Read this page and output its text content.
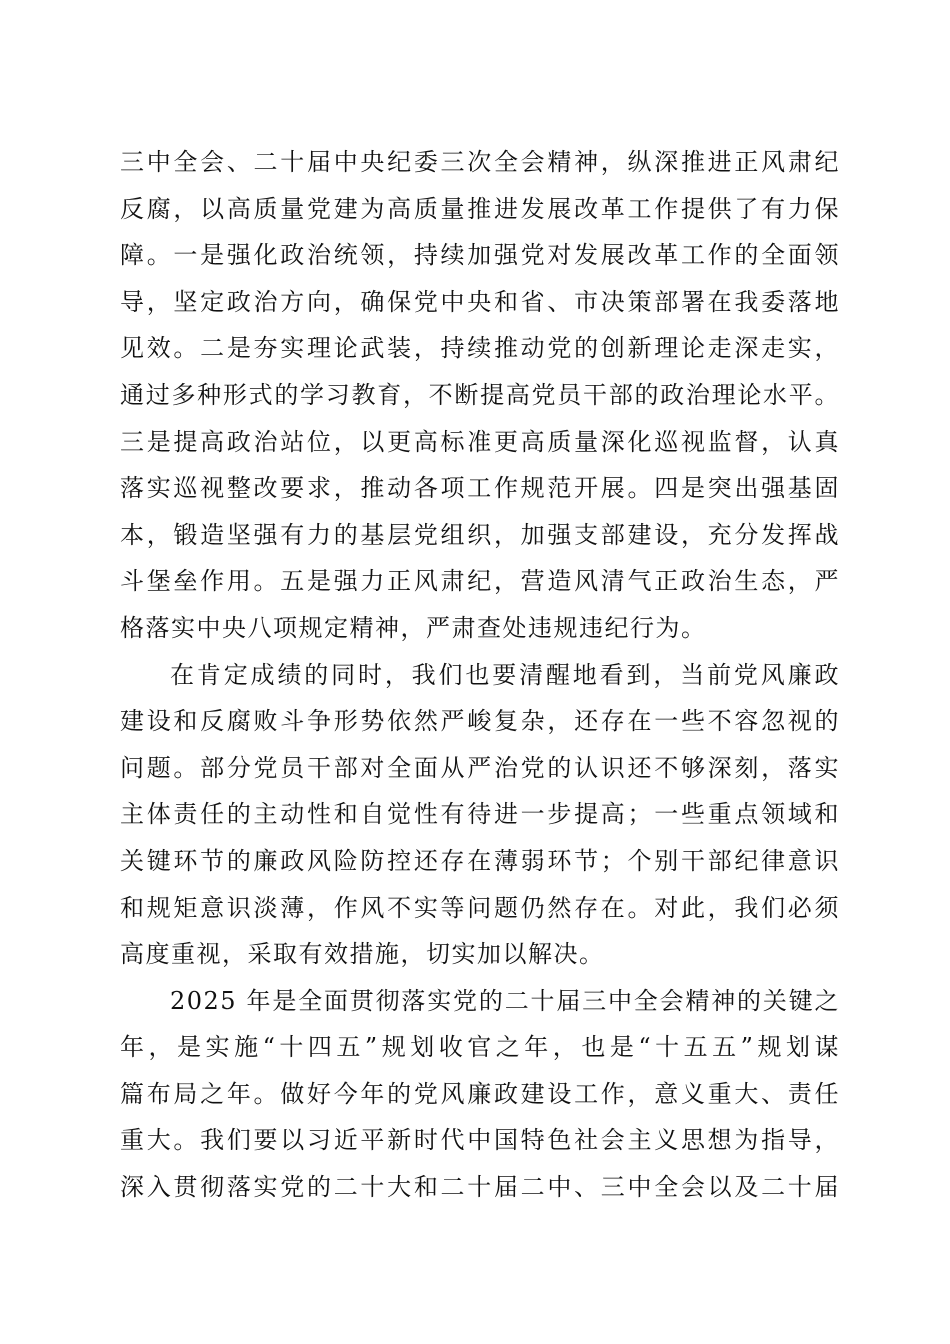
三中全会、二十届中央纪委三次全会精神，纵深推进正风肃纪
反腐，以高质量党建为高质量推进发展改革工作提供了有力保
障。一是强化政治统领，持续加强党对发展改革工作的全面领
导，坚定政治方向，确保党中央和省、市决策部署在我委落地
见效。二是夯实理论武装，持续推动党的创新理论走深走实，
通过多种形式的学习教育，不断提高党员干部的政治理论水平。
三是提高政治站位，以更高标准更高质量深化巡视监督，认真
落实巡视整改要求，推动各项工作规范开展。四是突出强基固
本，锻造坚强有力的基层党组织，加强支部建设，充分发挥战
斗堡垒作用。五是强力正风肃纪，营造风清气正政治生态，严
格落实中央八项规定精神，严肃查处违规违纪行为。
在肯定成绩的同时，我们也要清醒地看到，当前党风廉政
建设和反腐败斗争形势依然严峻复杂，还存在一些不容忽视的
问题。部分党员干部对全面从严治党的认识还不够深刻，落实
主体责任的主动性和自觉性有待进一步提高；一些重点领域和
关键环节的廉政风险防控还存在薄弱环节；个别干部纪律意识
和规矩意识淡薄，作风不实等问题仍然存在。对此，我们必须
高度重视，采取有效措施，切实加以解决。
2025 年是全面贯彻落实党的二十届三中全会精神的关键之
年，是实施“十四五”规划收官之年，也是“十五五”规划谋
篇布局之年。做好今年的党风廉政建设工作，意义重大、责任
重大。我们要以习近平新时代中国特色社会主义思想为指导，
深入贯彻落实党的二十大和二十届二中、三中全会以及二十届
